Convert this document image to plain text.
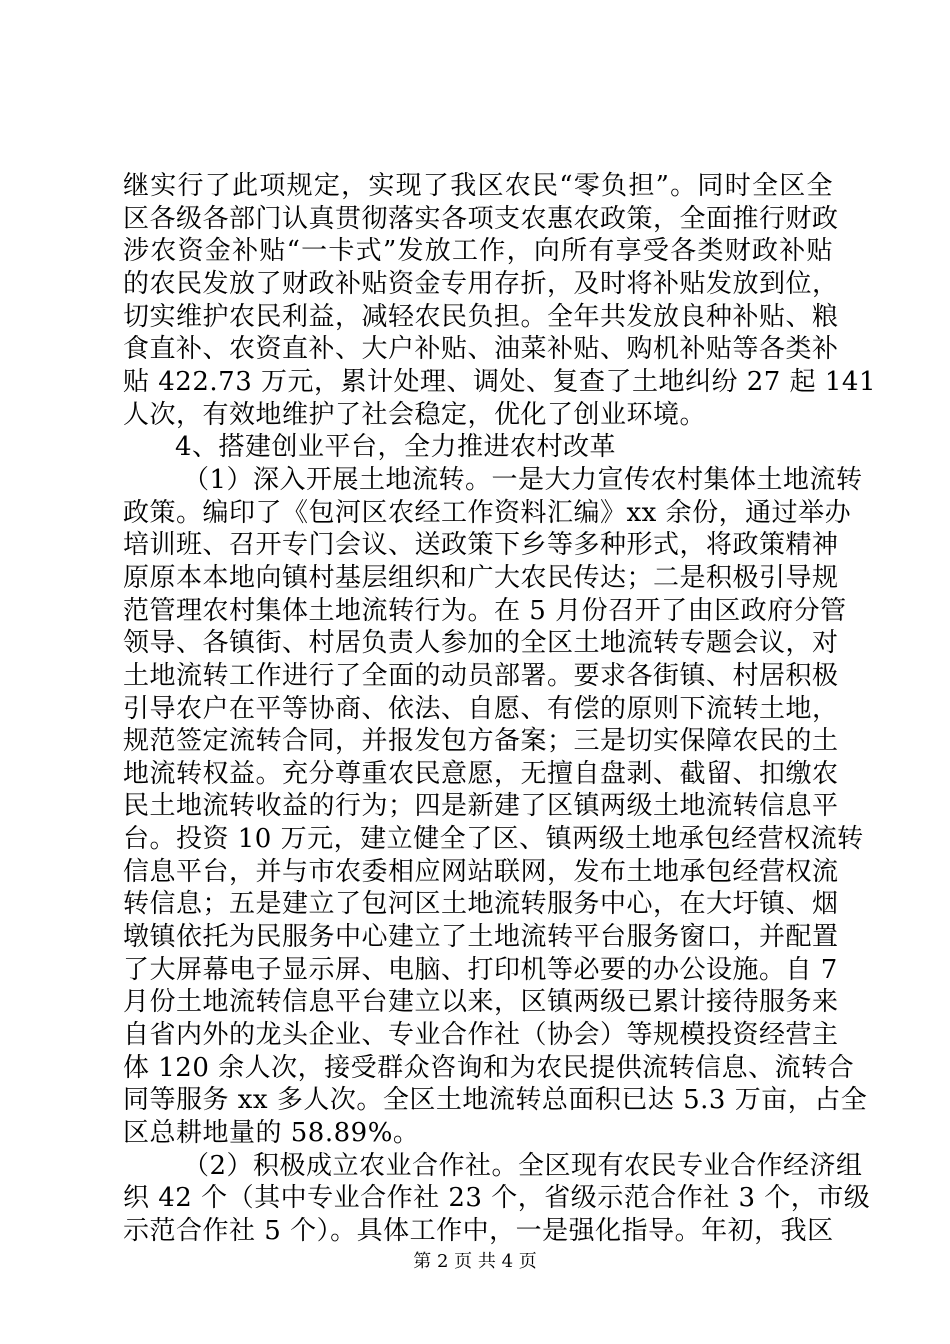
继实行了此项规定，实现了我区农民“零负担”。同时全区全
区各级各部门认真贯彻落实各项支农惠农政策，全面推行财政
涉农资金补贴“一卡式”发放工作，向所有享受各类财政补贴
的农民发放了财政补贴资金专用存折，及时将补贴发放到位，
切实维护农民利益，减轻农民负担。全年共发放良种补贴、粮
食直补、农资直补、大户补贴、油菜补贴、购机补贴等各类补
贴 422.73 万元，累计处理、调处、复查了土地纠纷 27 起 141
人次，有效地维护了社会稳定，优化了创业环境。
4、搭建创业平台，全力推进农村改革
（1）深入开展土地流转。一是大力宣传农村集体土地流转
政策。编印了《包河区农经工作资料汇编》xx 余份，通过举办
培训班、召开专门会议、送政策下乡等多种形式，将政策精神
原原本本地向镇村基层组织和广大农民传达；二是积极引导规
范管理农村集体土地流转行为。在 5 月份召开了由区政府分管
领导、各镇街、村居负责人参加的全区土地流转专题会议，对
土地流转工作进行了全面的动员部署。要求各街镇、村居积极
引导农户在平等协商、依法、自愿、有偿的原则下流转土地，
规范签定流转合同，并报发包方备案；三是切实保障农民的土
地流转权益。充分尊重农民意愿，无擅自盘剥、截留、扣缴农
民土地流转收益的行为；四是新建了区镇两级土地流转信息平
台。投资 10 万元，建立健全了区、镇两级土地承包经营权流转
信息平台，并与市农委相应网站联网，发布土地承包经营权流
转信息；五是建立了包河区土地流转服务中心，在大圩镇、烟
墩镇依托为民服务中心建立了土地流转平台服务窗口，并配置
了大屏幕电子显示屏、电脑、打印机等必要的办公设施。自 7
月份土地流转信息平台建立以来，区镇两级已累计接待服务来
自省内外的龙头企业、专业合作社（协会）等规模投资经营主
体 120 余人次，接受群众咨询和为农民提供流转信息、流转合
同等服务 xx 多人次。全区土地流转总面积已达 5.3 万亩，占全
区总耕地量的 58.89%。
（2）积极成立农业合作社。全区现有农民专业合作经济组
织 42 个（其中专业合作社 23 个，省级示范合作社 3 个，市级
示范合作社 5 个）。具体工作中，一是强化指导。年初，我区
第 2 页 共 4 页
